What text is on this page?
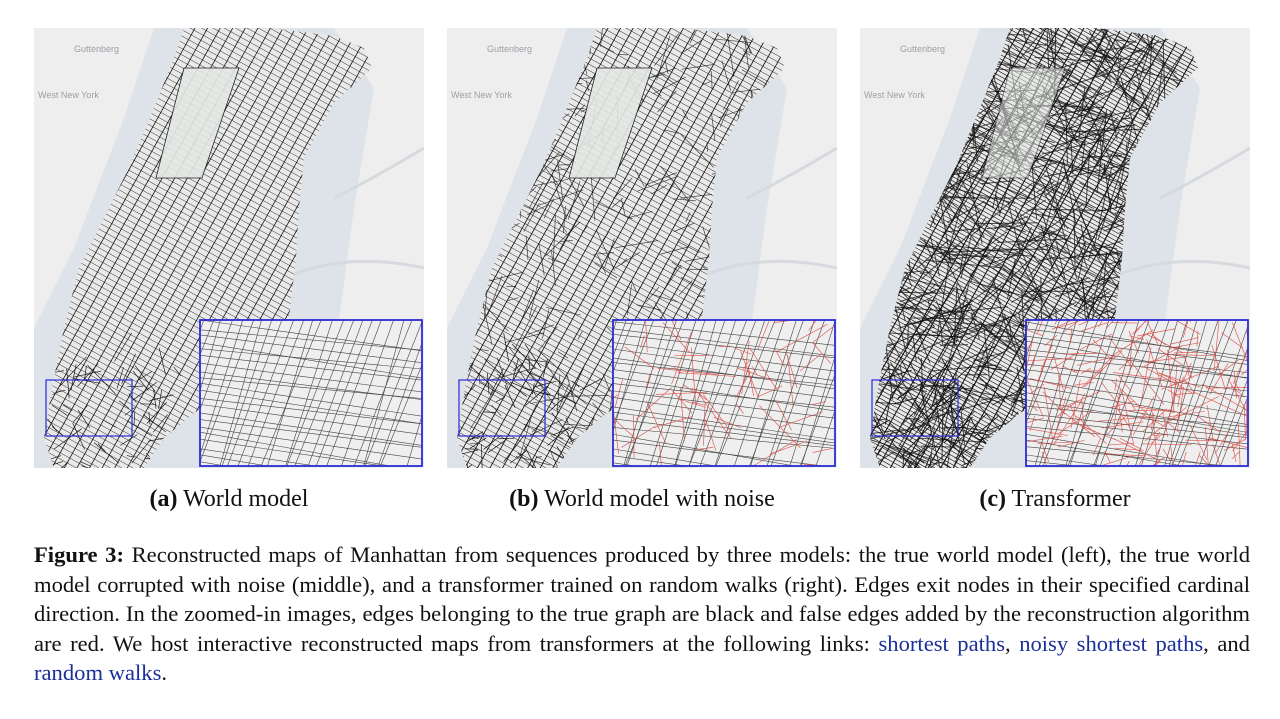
Guttenberg
West New York
Guttenberg
West New York
Guttenberg
West New York
(a) World model	(b) World model with noise	(c) Transformer
Figure 3: Reconstructed maps of Manhattan from sequences produced by three models: the true world model (left), the true world model corrupted with noise (middle), and a transformer trained on random walks (right). Edges exit nodes in their specified cardinal direction. In the zoomed-in images, edges belonging to the true graph are black and false edges added by the reconstruction algorithm are red. We host interactive reconstructed maps from transformers at the following links: shortest paths, noisy shortest paths, and random walks.
